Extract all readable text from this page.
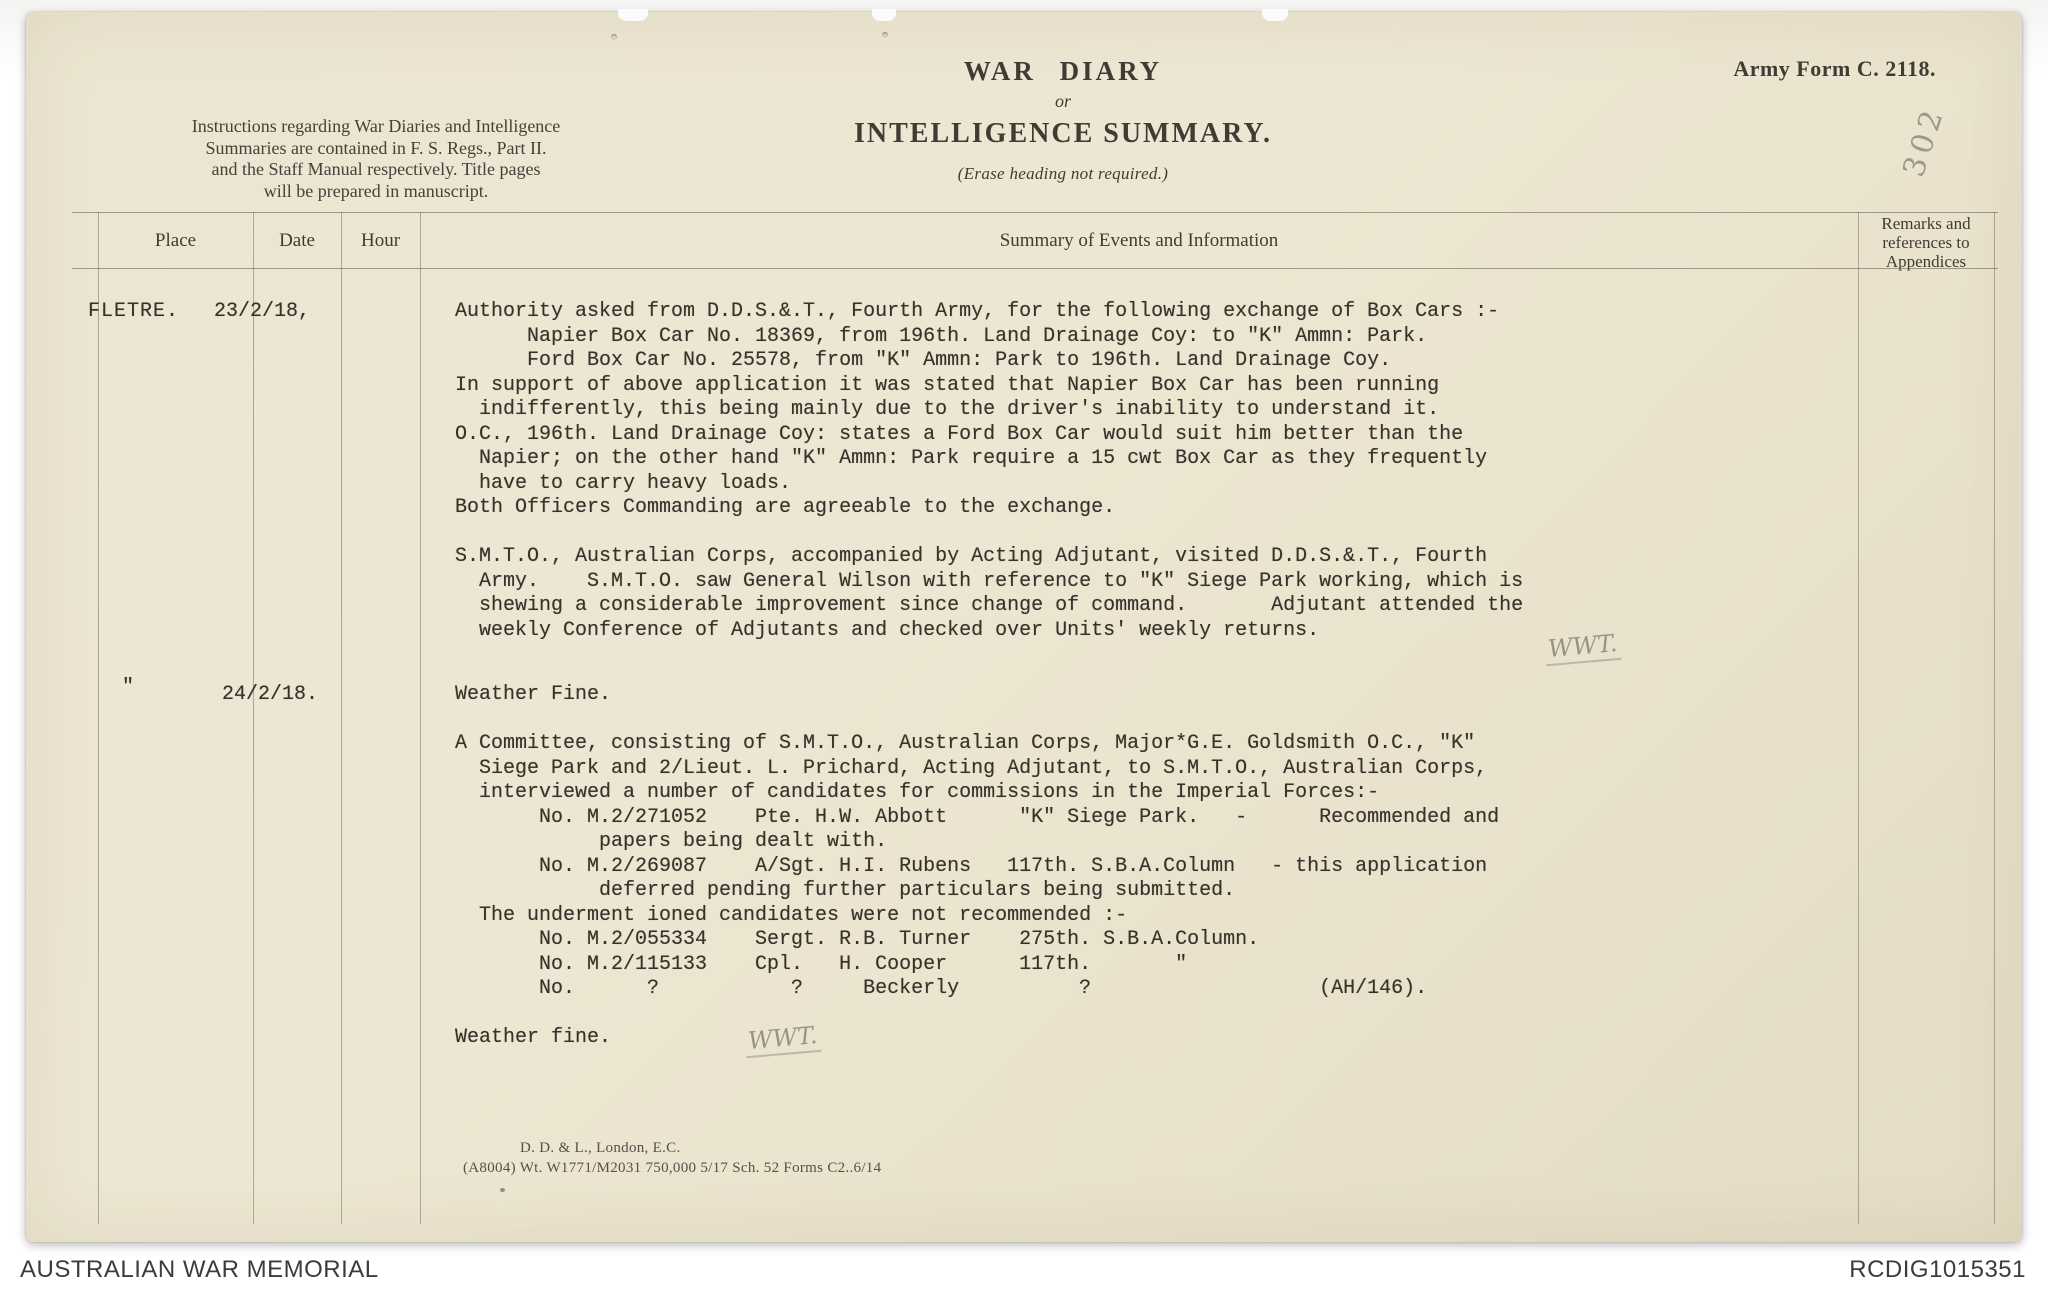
Army Form C. 2118.
Instructions regarding War Diaries and Intelligence
Summaries are contained in F. S. Regs., Part II.
and the Staff Manual respectively. Title pages
will be prepared in manuscript.
WAR DIARY
or
INTELLIGENCE SUMMARY.
(Erase heading not required.)	302
Place	Date	Hour	Summary of Events and Information
Remarks and references to Appendices
FLETRE. 23/2/18,	Authority asked from D.D.S.&.T., Fourth Army, for the following exchange of Box Cars :-
Napier Box Car No. 18369, from 196th. Land Drainage Coy: to "K" Ammn: Park.
Ford Box Car No. 25578, from "K" Ammn: Park to 196th. Land Drainage Coy.
In support of above application it was stated that Napier Box Car has been running
indifferently, this being mainly due to the driver's inability to understand it.
O.C., 196th. Land Drainage Coy: states a Ford Box Car would suit him better than the
Napier; on the other hand "K" Ammn: Park require a 15 cwt Box Car as they frequently
have to carry heavy loads.
Both Officers Commanding are agreeable to the exchange.

S.M.T.O., Australian Corps, accompanied by Acting Adjutant, visited D.D.S.&.T., Fourth
Army.    S.M.T.O. saw General Wilson with reference to "K" Siege Park working, which is
shewing a considerable improvement since change of command.       Adjutant attended the
weekly Conference of Adjutants and checked over Units' weekly returns.
"	24/2/18.	Weather Fine.

A Committee, consisting of S.M.T.O., Australian Corps, Major*G.E. Goldsmith O.C., "K"
Siege Park and 2/Lieut. L. Prichard, Acting Adjutant, to S.M.T.O., Australian Corps,
interviewed a number of candidates for commissions in the Imperial Forces:-
No. M.2/271052    Pte. H.W. Abbott      "K" Siege Park.   -      Recommended and
papers being dealt with.
No. M.2/269087    A/Sgt. H.I. Rubens   117th. S.B.A.Column   - this application
deferred pending further particulars being submitted.
The underment ioned candidates were not recommended :-
No. M.2/055334    Sergt. R.B. Turner    275th. S.B.A.Column.
No. M.2/115133    Cpl.   H. Cooper      117th.       "
No.      ?           ?     Beckerly          ?                   (AH/146).

Weather fine.
WWT.
WWT.
D. D. & L., London, E.C.
(A8004) Wt. W1771/M2031 750,000 5/17 Sch. 52 Forms C2..6/14
AUSTRALIAN WAR MEMORIAL	RCDIG1015351
